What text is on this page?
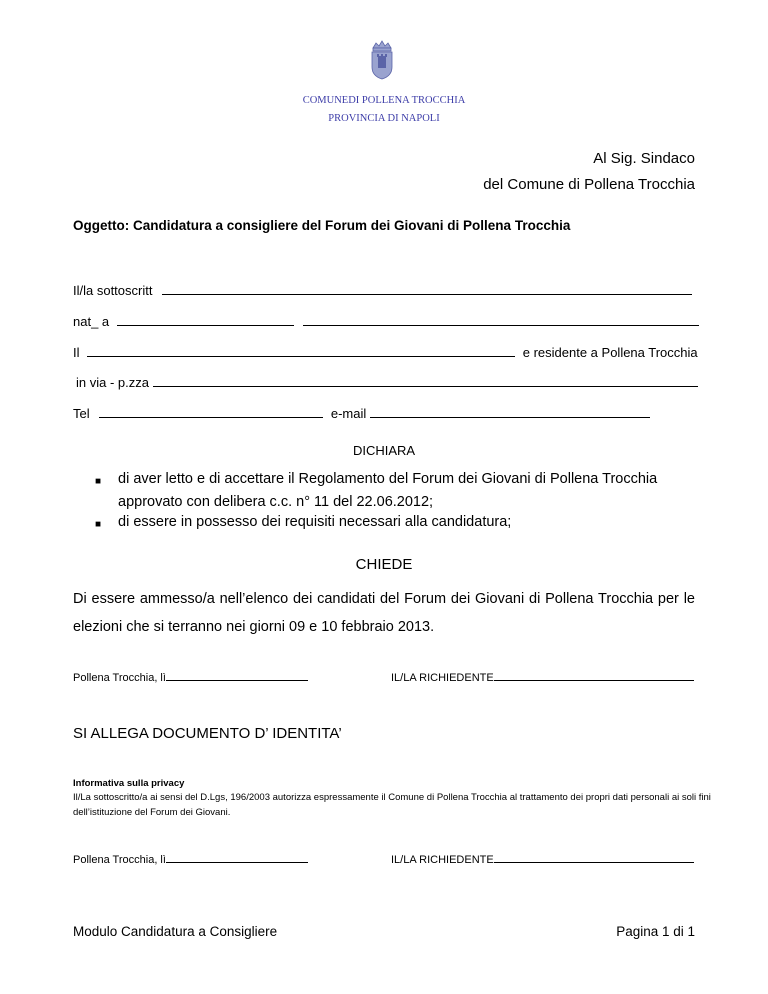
COMUNEDI POLLENA TROCCHIA
PROVINCIA DI NAPOLI
Al Sig. Sindaco
del Comune di Pollena Trocchia
Oggetto: Candidatura a consigliere del Forum dei Giovani di Pollena Trocchia
Il/la sottoscritt
nat_ a
Il	e residente a Pollena Trocchia
in via - p.zza
Tel	e-mail
DICHIARA
■ di aver letto e di accettare il Regolamento del Forum dei Giovani di Pollena Trocchia
approvato con delibera c.c. n° 11 del 22.06.2012;
■ di essere in possesso dei requisiti necessari alla candidatura;
CHIEDE
Di essere ammesso/a nell’elenco dei candidati del Forum dei Giovani di Pollena Trocchia per le elezioni che si terranno nei giorni 09 e 10 febbraio 2013.
Pollena Trocchia, lì	IL/LA RICHIEDENTE
SI ALLEGA DOCUMENTO D’ IDENTITA’
Informativa sulla privacy
Il/La sottoscritto/a ai sensi del D.Lgs, 196/2003 autorizza espressamente il Comune di Pollena Trocchia al trattamento dei propri dati personali ai soli fini dell’istituzione del Forum dei Giovani.
Pollena Trocchia, lì	IL/LA RICHIEDENTE
Modulo Candidatura a Consigliere	Pagina 1 di 1
